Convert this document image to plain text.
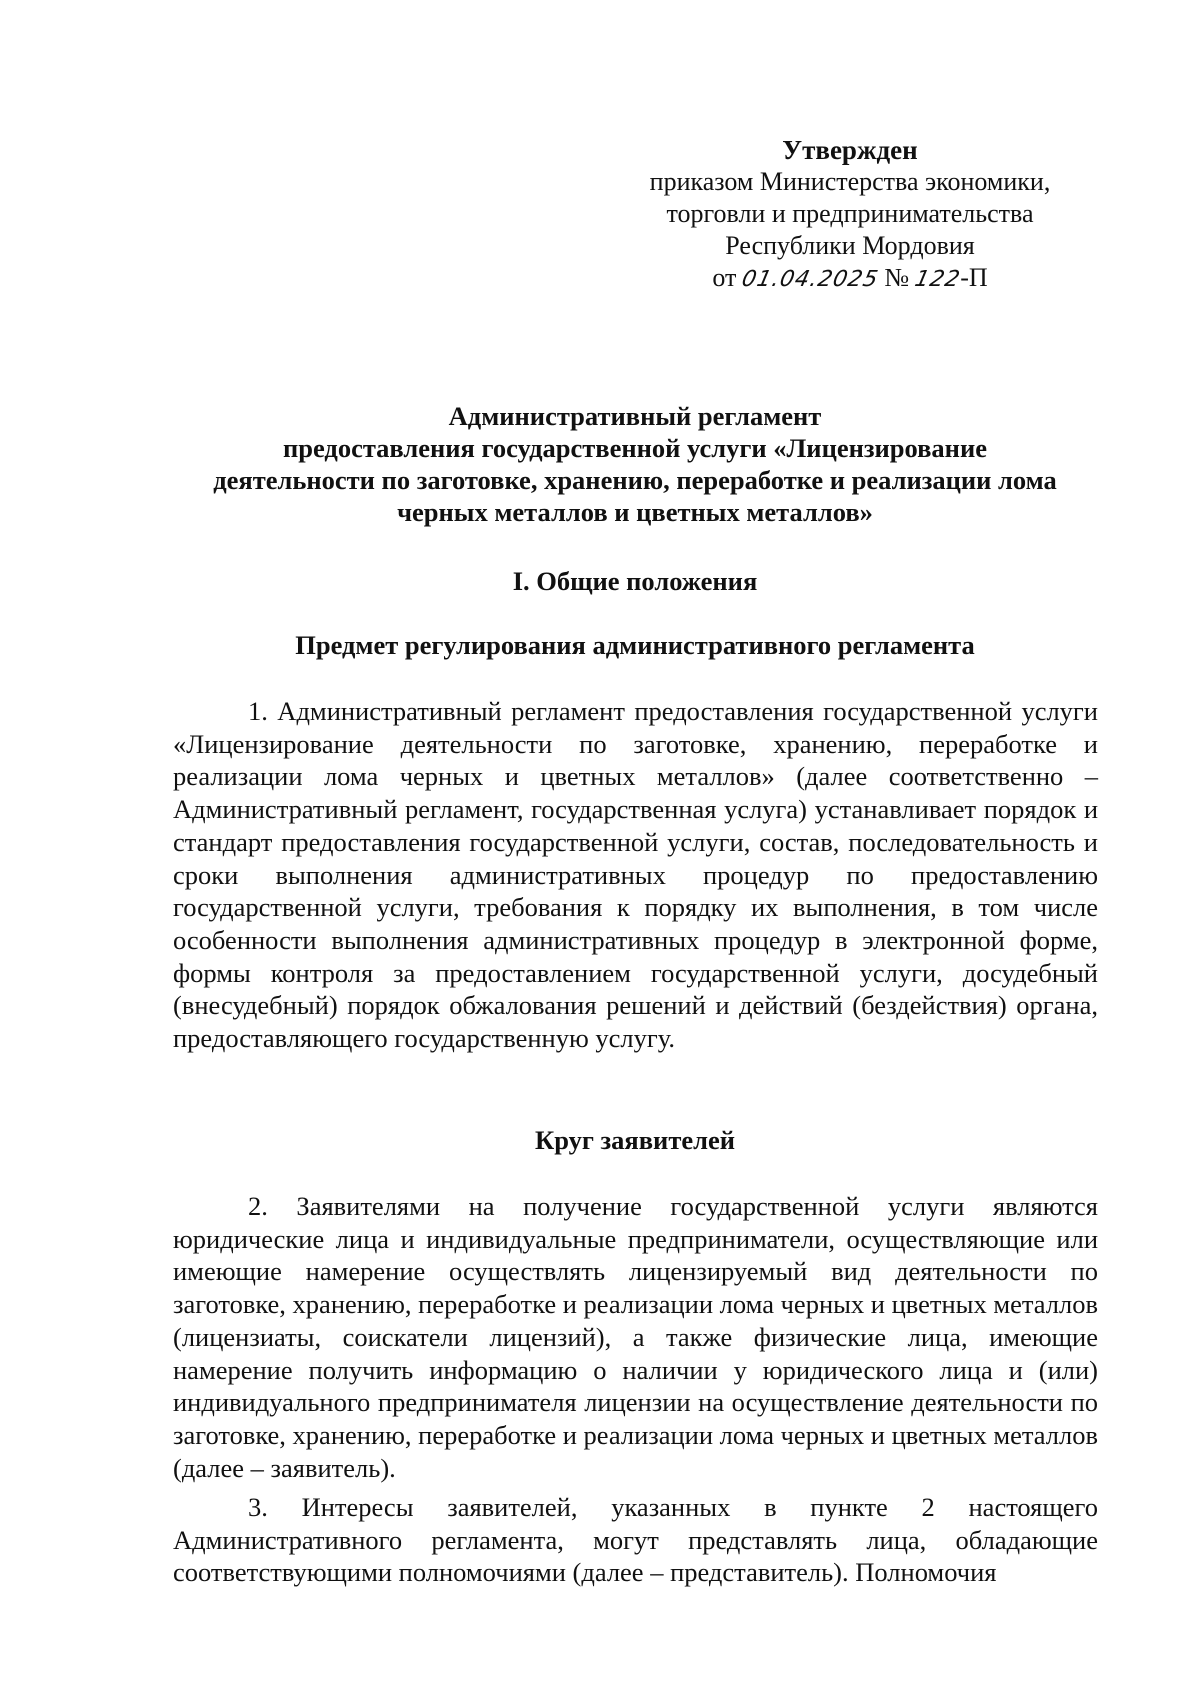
Утвержден
приказом Министерства экономики,
торговли и предпринимательства
Республики Мордовия
от 01.04.2025 № 122
-П
Административный регламент
предоставления государственной услуги «Лицензирование
деятельности по заготовке, хранению, переработке и реализации лома
черных металлов и цветных металлов»
I. Общие положения
Предмет регулирования административного регламента

1. Административный регламент предоставления государственной услуги «Лицензирование деятельности по заготовке, хранению, переработке и реализации лома черных и цветных металлов» (далее соответственно – Административный регламент, государственная услуга) устанавливает порядок и стандарт предоставления государственной услуги, состав, последовательность и сроки выполнения административных процедур по предоставлению государственной услуги, требования к порядку их выполнения, в том числе особенности выполнения административных процедур в электронной форме, формы контроля за предоставлением государственной услуги, досудебный (внесудебный) порядок обжалования решений и действий (бездействия) органа, предоставляющего государственную услугу.

Круг заявителей

2. Заявителями на получение государственной услуги являются юридические лица и индивидуальные предприниматели, осуществляющие или имеющие намерение осуществлять лицензируемый вид деятельности по заготовке, хранению, переработке и реализации лома черных и цветных металлов (лицензиаты, соискатели лицензий), а также физические лица, имеющие намерение получить информацию о наличии у юридического лица и (или) индивидуального предпринимателя лицензии на осуществление деятельности по заготовке, хранению, переработке и реализации лома черных и цветных металлов (далее – заявитель).

3. Интересы заявителей, указанных в пункте 2 настоящего Административного регламента, могут представлять лица, обладающие соответствующими полномочиями (далее – представитель). Полномочия
